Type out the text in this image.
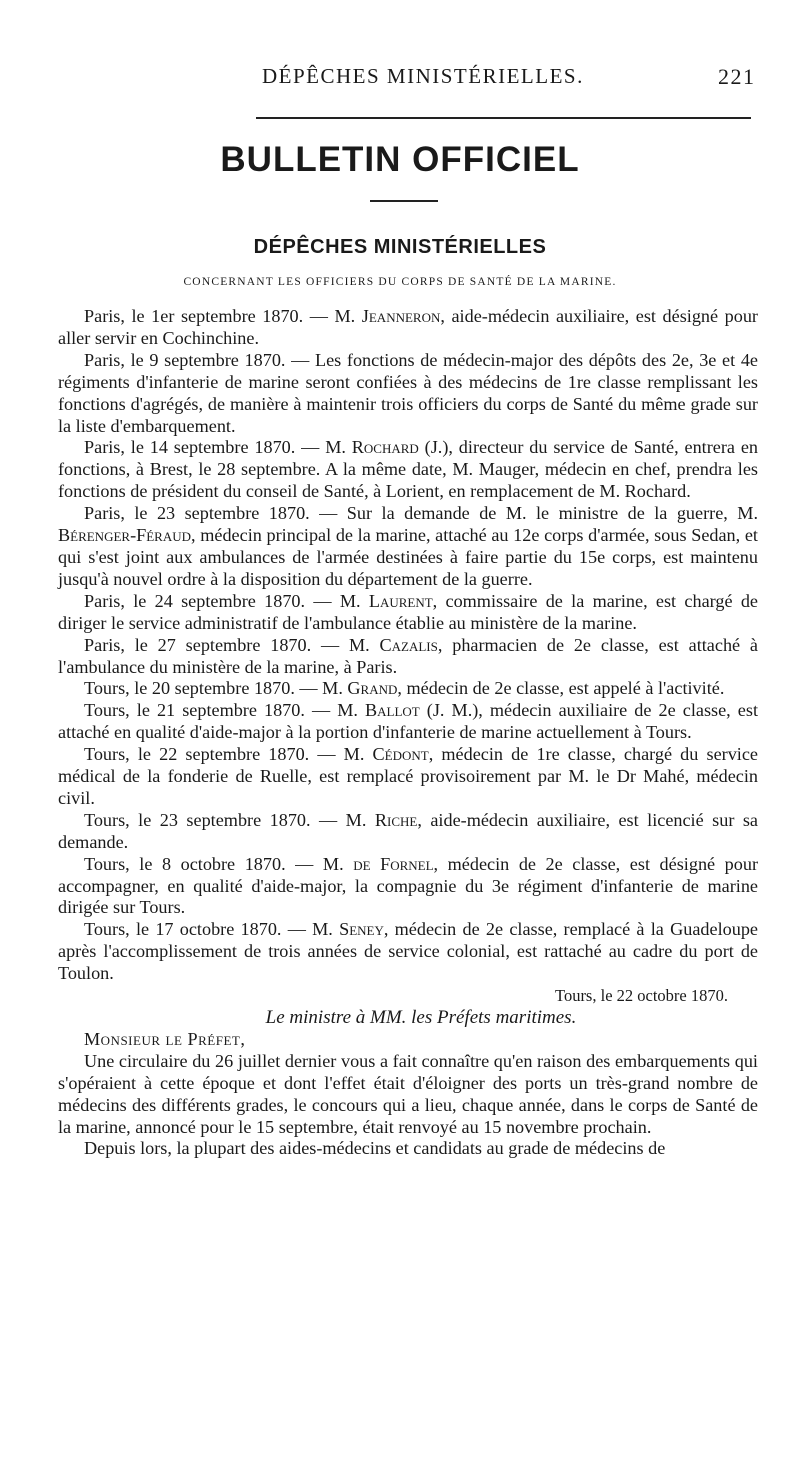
DÉPÊCHES MINISTÉRIELLES.	221
BULLETIN OFFICIEL
DÉPÊCHES MINISTÉRIELLES
CONCERNANT LES OFFICIERS DU CORPS DE SANTÉ DE LA MARINE.

Paris, le 1er septembre 1870. — M. Jeanneron, aide-médecin auxiliaire, est désigné pour aller servir en Cochinchine.

Paris, le 9 septembre 1870. — Les fonctions de médecin-major des dépôts des 2e, 3e et 4e régiments d'infanterie de marine seront confiées à des médecins de 1re classe remplissant les fonctions d'agrégés, de manière à maintenir trois officiers du corps de Santé du même grade sur la liste d'embarquement.

Paris, le 14 septembre 1870. — M. Rochard (J.), directeur du service de Santé, entrera en fonctions, à Brest, le 28 septembre. A la même date, M. Mauger, médecin en chef, prendra les fonctions de président du conseil de Santé, à Lorient, en remplacement de M. Rochard.

Paris, le 23 septembre 1870. — Sur la demande de M. le ministre de la guerre, M. Bérenger-Féraud, médecin principal de la marine, attaché au 12e corps d'armée, sous Sedan, et qui s'est joint aux ambulances de l'armée destinées à faire partie du 15e corps, est maintenu jusqu'à nouvel ordre à la disposition du département de la guerre.

Paris, le 24 septembre 1870. — M. Laurent, commissaire de la marine, est chargé de diriger le service administratif de l'ambulance établie au ministère de la marine.

Paris, le 27 septembre 1870. — M. Cazalis, pharmacien de 2e classe, est attaché à l'ambulance du ministère de la marine, à Paris.

Tours, le 20 septembre 1870. — M. Grand, médecin de 2e classe, est appelé à l'activité.

Tours, le 21 septembre 1870. — M. Ballot (J. M.), médecin auxiliaire de 2e classe, est attaché en qualité d'aide-major à la portion d'infanterie de marine actuellement à Tours.

Tours, le 22 septembre 1870. — M. Cédont, médecin de 1re classe, chargé du service médical de la fonderie de Ruelle, est remplacé provisoirement par M. le Dr Mahé, médecin civil.

Tours, le 23 septembre 1870. — M. Riche, aide-médecin auxiliaire, est licencié sur sa demande.

Tours, le 8 octobre 1870. — M. de Fornel, médecin de 2e classe, est désigné pour accompagner, en qualité d'aide-major, la compagnie du 3e régiment d'infanterie de marine dirigée sur Tours.

Tours, le 17 octobre 1870. — M. Seney, médecin de 2e classe, remplacé à la Guadeloupe après l'accomplissement de trois années de service colonial, est rattaché au cadre du port de Toulon.

Tours, le 22 octobre 1870.

Le ministre à MM. les Préfets maritimes.

Monsieur le Préfet,

Une circulaire du 26 juillet dernier vous a fait connaître qu'en raison des embarquements qui s'opéraient à cette époque et dont l'effet était d'éloigner des ports un très-grand nombre de médecins des différents grades, le concours qui a lieu, chaque année, dans le corps de Santé de la marine, annoncé pour le 15 septembre, était renvoyé au 15 novembre prochain.

Depuis lors, la plupart des aides-médecins et candidats au grade de médecins de
